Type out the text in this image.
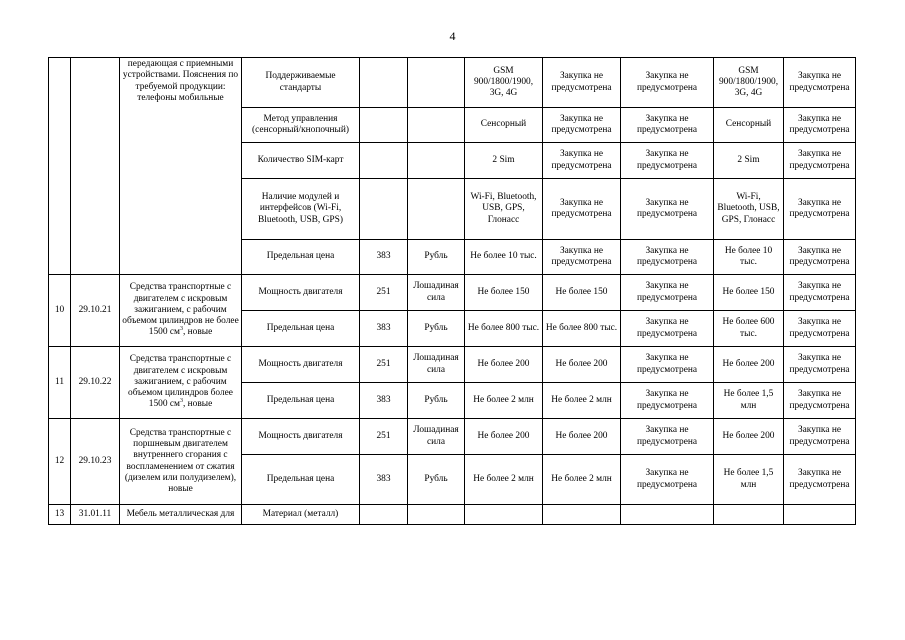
4
		передающая с приемными устройствами. Пояснения по требуемой продукции: телефоны мобильные	Поддерживаемые стандарты			GSM 900/1800/1900, 3G, 4G	Закупка не предусмотрена	Закупка не предусмотрена	GSM 900/1800/1900, 3G, 4G	Закупка не предусмотрена
			Метод управления (сенсорный/кнопочный)			Сенсорный	Закупка не предусмотрена	Закупка не предусмотрена	Сенсорный	Закупка не предусмотрена
			Количество SIM-карт			2 Sim	Закупка не предусмотрена	Закупка не предусмотрена	2 Sim	Закупка не предусмотрена
			Наличие модулей и интерфейсов (Wi-Fi, Bluetooth, USB, GPS)			Wi-Fi, Bluetooth, USB, GPS, Глонасс	Закупка не предусмотрена	Закупка не предусмотрена	Wi-Fi, Bluetooth, USB, GPS, Глонасс	Закупка не предусмотрена
			Предельная цена	383	Рубль	Не более 10 тыс.	Закупка не предусмотрена	Закупка не предусмотрена	Не более 10 тыс.	Закупка не предусмотрена
10	29.10.21	Средства транспортные с двигателем с искровым зажиганием, с рабочим объемом цилиндров не более 1500 $см^3$, новые	Мощность двигателя	251	Лошадиная сила	Не более 150	Не более 150	Закупка не предусмотрена	Не более 150	Закупка не предусмотрена
			Предельная цена	383	Рубль	Не более 800 тыс.	Не более 800 тыс.	Закупка не предусмотрена	Не более 600 тыс.	Закупка не предусмотрена
11	29.10.22	Средства транспортные с двигателем с искровым зажиганием, с рабочим объемом цилиндров более 1500 $см^3$, новые	Мощность двигателя	251	Лошадиная сила	Не более 200	Не более 200	Закупка не предусмотрена	Не более 200	Закупка не предусмотрена
			Предельная цена	383	Рубль	Не более 2 млн	Не более 2 млн	Закупка не предусмотрена	Не более 1,5 млн	Закупка не предусмотрена
12	29.10.23	Средства транспортные с поршневым двигателем внутреннего сгорания с воспламенением от сжатия (дизелем или полудизелем), новые	Мощность двигателя	251	Лошадиная сила	Не более 200	Не более 200	Закупка не предусмотрена	Не более 200	Закупка не предусмотрена
			Предельная цена	383	Рубль	Не более 2 млн	Не более 2 млн	Закупка не предусмотрена	Не более 1,5 млн	Закупка не предусмотрена
13	31.01.11	Мебель металлическая для	Материал (металл)							
